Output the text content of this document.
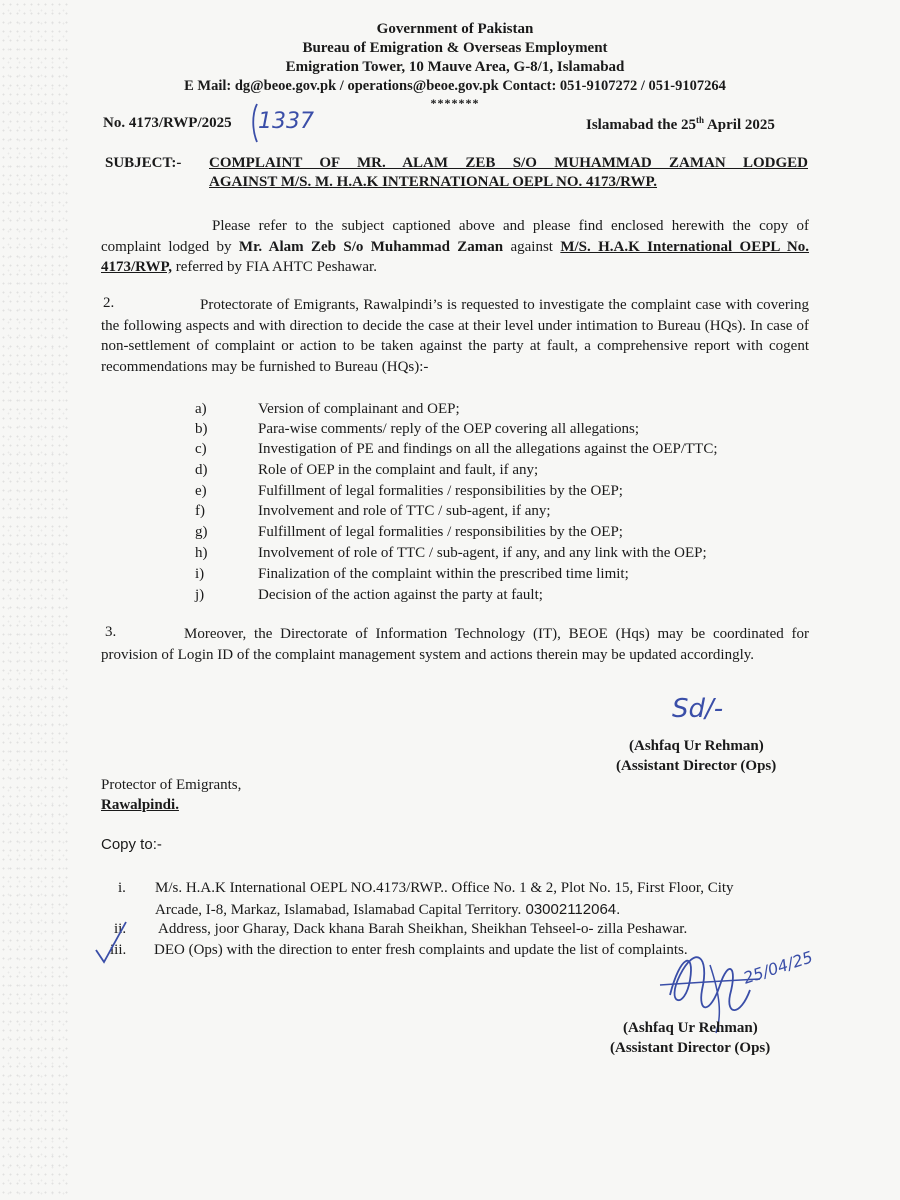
Government of Pakistan
Bureau of Emigration & Overseas Employment
Emigration Tower, 10 Mauve Area, G-8/1, Islamabad
E Mail: dg@beoe.gov.pk / operations@beoe.gov.pk Contact: 051-9107272 / 051-9107264
*******
No. 4173/RWP/2025 1337	Islamabad the 25th April 2025
SUBJECT:- COMPLAINT OF MR. ALAM ZEB S/O MUHAMMAD ZAMAN LODGED
AGAINST M/S. M. H.A.K INTERNATIONAL OEPL NO. 4173/RWP.
Please refer to the subject captioned above and please find enclosed herewith the copy of complaint lodged by Mr. Alam Zeb S/o Muhammad Zaman against M/S. H.A.K International OEPL No. 4173/RWP, referred by FIA AHTC Peshawar.
2.	Protectorate of Emigrants, Rawalpindi’s is requested to investigate the complaint case with covering the following aspects and with direction to decide the case at their level under intimation to Bureau (HQs). In case of non-settlement of complaint or action to be taken against the party at fault, a comprehensive report with cogent recommendations may be furnished to Bureau (HQs):-
a)	Version of complainant and OEP;
b)	Para-wise comments/ reply of the OEP covering all allegations;
c)	Investigation of PE and findings on all the allegations against the OEP/TTC;
d)	Role of OEP in the complaint and fault, if any;
e)	Fulfillment of legal formalities / responsibilities by the OEP;
f)	Involvement and role of TTC / sub-agent, if any;
g)	Fulfillment of legal formalities / responsibilities by the OEP;
h)	Involvement of role of TTC / sub-agent, if any, and any link with the OEP;
i)	Finalization of the complaint within the prescribed time limit;
j)	Decision of the action against the party at fault;
3.	Moreover, the Directorate of Information Technology (IT), BEOE (Hqs) may be coordinated for provision of Login ID of the complaint management system and actions therein may be updated accordingly.
Sd/-
(Ashfaq Ur Rehman)
(Assistant Director (Ops)
Protector of Emigrants,
Rawalpindi.
Copy to:-
i. M/s. H.A.K International OEPL NO.4173/RWP.. Office No. 1 & 2, Plot No. 15, First Floor, City
Arcade, I-8, Markaz, Islamabad, Islamabad Capital Territory. 03002112064.
ii. Address, joor Gharay, Dack khana Barah Sheikhan, Sheikhan Tehseel-o- zilla Peshawar.
iii. DEO (Ops) with the direction to enter fresh complaints and update the list of complaints.	25/04/25
(Ashfaq Ur Rehman)
(Assistant Director (Ops)
